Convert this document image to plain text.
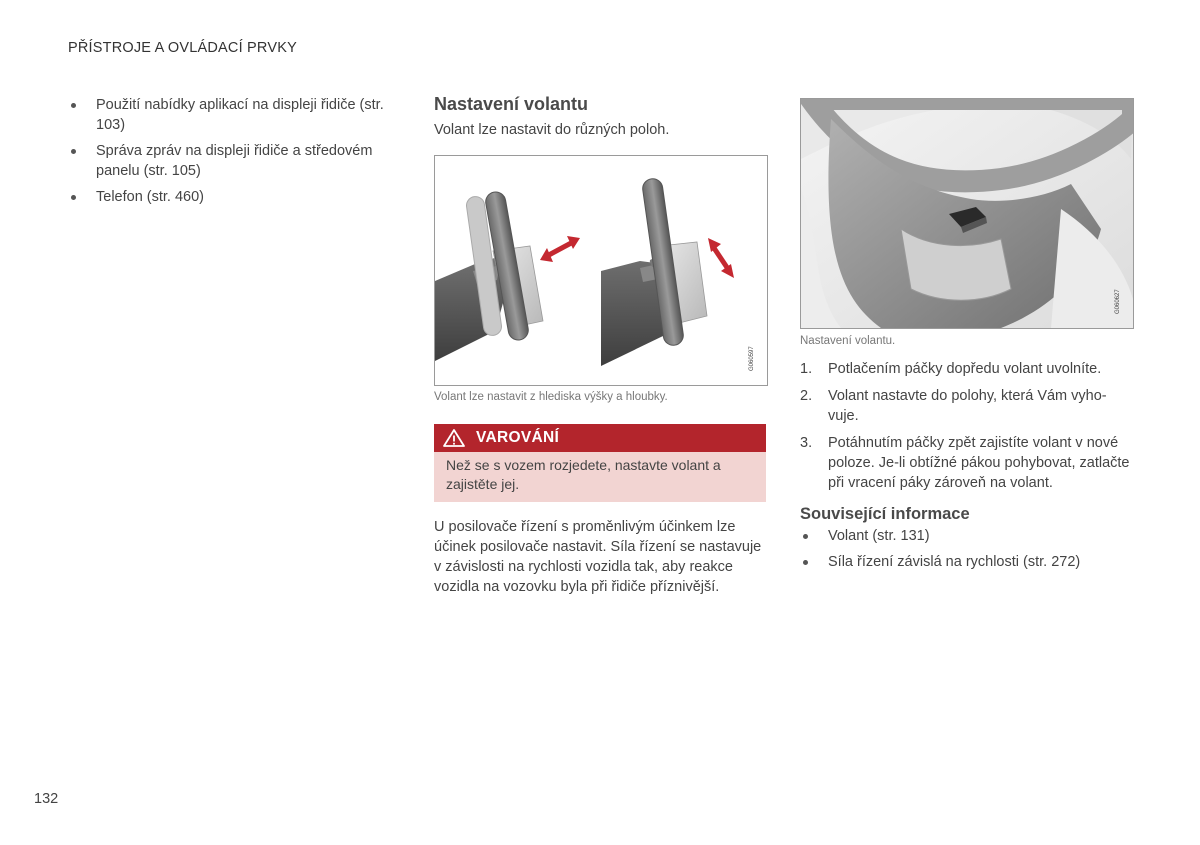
PŘÍSTROJE A OVLÁDACÍ PRVKY
Použití nabídky aplikací na displeji řidiče (str. 103)
Správa zpráv na displeji řidiče a středovém panelu (str. 105)
Telefon (str. 460)
Nastavení volantu
Volant lze nastavit do různých poloh.
G060597
Volant lze nastavit z hlediska výšky a hloubky.
VAROVÁNÍ
Než se s vozem rozjedete, nastavte volant a zajistěte jej.
U posilovače řízení s proměnlivým účinkem lze účinek posilovače nastavit. Síla řízení se nastavuje v závislosti na rychlosti vozidla tak, aby reakce vozidla na vozovku byla při řidiče příznivější.
G060627
Nastavení volantu.
1. Potlačením páčky dopředu volant uvolníte.
2. Volant nastavte do polohy, která Vám vyho-vuje.
3. Potáhnutím páčky zpět zajistíte volant v nové poloze. Je-li obtížné pákou pohybovat, zatlačte při vracení páky zároveň na volant.
Související informace
Volant (str. 131)
Síla řízení závislá na rychlosti (str. 272)
132
